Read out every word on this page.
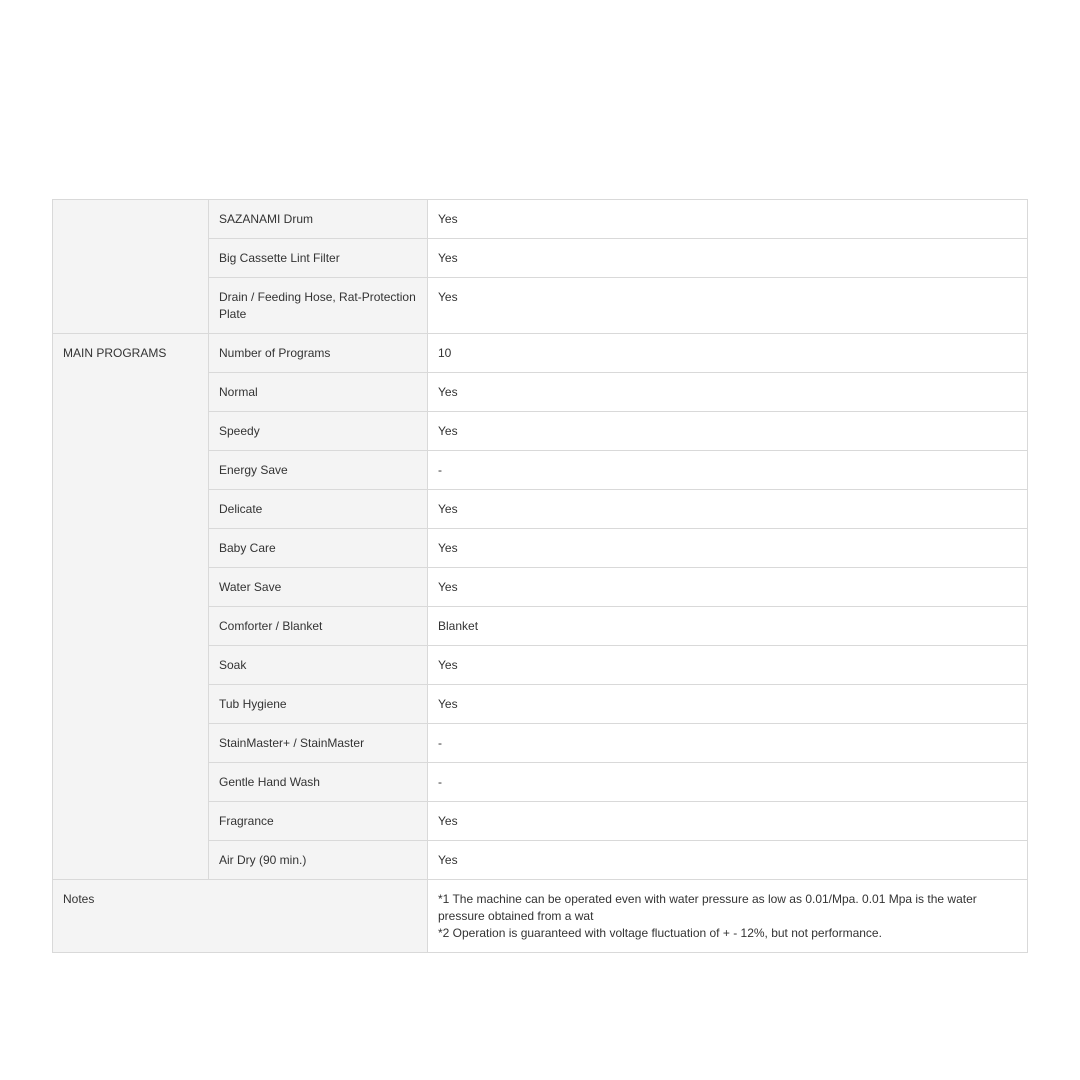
	SAZANAMI Drum	Yes
	Big Cassette Lint Filter	Yes
	Drain / Feeding Hose, Rat-Protection Plate	Yes
MAIN PROGRAMS	Number of Programs	10
	Normal	Yes
	Speedy	Yes
	Energy Save	-
	Delicate	Yes
	Baby Care	Yes
	Water Save	Yes
	Comforter / Blanket	Blanket
	Soak	Yes
	Tub Hygiene	Yes
	StainMaster+ / StainMaster	-
	Gentle Hand Wash	-
	Fragrance	Yes
	Air Dry (90 min.)	Yes
Notes		*1 The machine can be operated even with water pressure as low as 0.01/Mpa. 0.01 Mpa is the water pressure obtained from a wat
*2 Operation is guaranteed with voltage fluctuation of + - 12%, but not performance.
